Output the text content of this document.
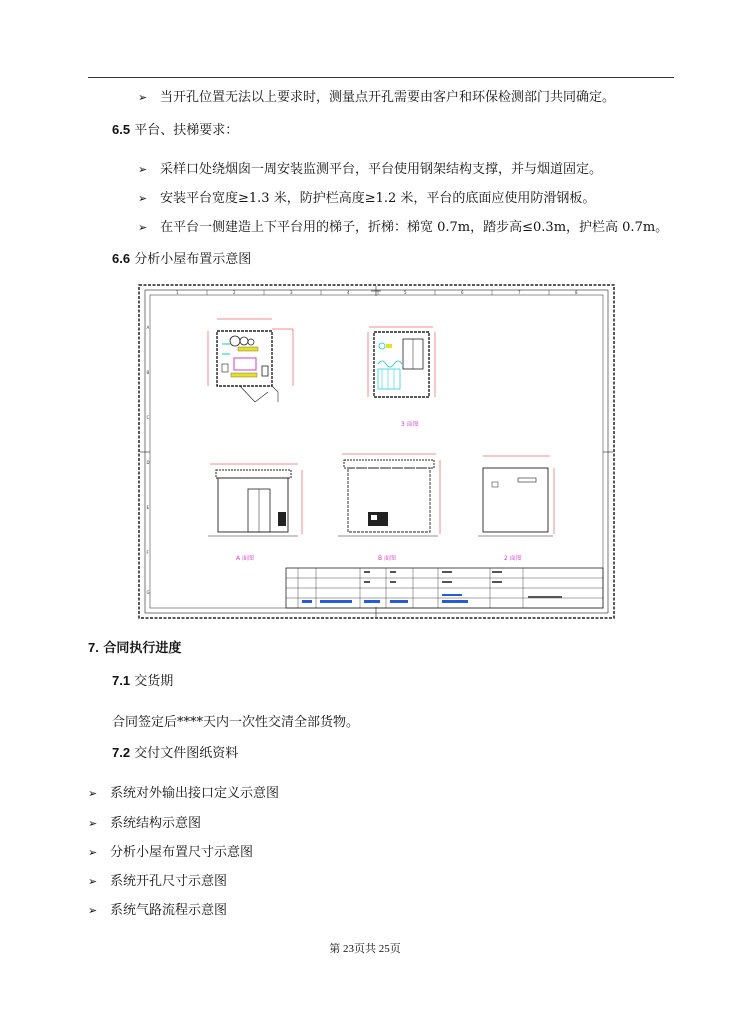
➢ 当开孔位置无法以上要求时，测量点开孔需要由客户和环保检测部门共同确定。
6.5 平台、扶梯要求：
➢ 采样口处绕烟囱一周安装监测平台，平台使用钢架结构支撑，并与烟道固定。
➢ 安装平台宽度≥1.3 米，防护栏高度≥1.2 米，平台的底面应使用防滑钢板。
➢ 在平台一侧建造上下平台用的梯子，折梯：梯宽 0.7m，踏步高≤0.3m，护栏高 0.7m。
6.6 分析小屋布置示意图
1	2	3	4	5	6	7	8
A
B
C
D
E
F
G
3 面图
A 面图	B 面图	2 面图
7. 合同执行进度
7.1 交货期
合同签定后****天内一次性交清全部货物。
7.2 交付文件图纸资料
➢ 系统对外输出接口定义示意图
➢ 系统结构示意图
➢ 分析小屋布置尺寸示意图
➢ 系统开孔尺寸示意图
➢ 系统气路流程示意图
第 23页共 25页
